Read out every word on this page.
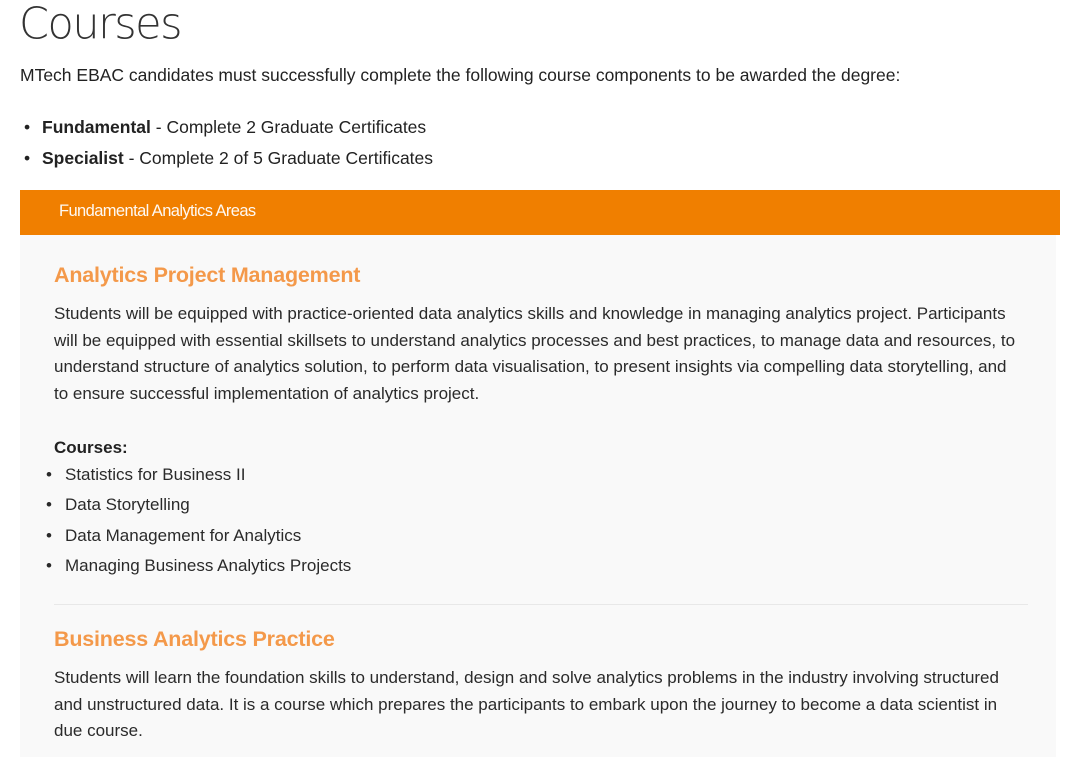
Courses

MTech EBAC candidates must successfully complete the following course components to be awarded the degree:

• Fundamental - Complete 2 Graduate Certificates
• Specialist - Complete 2 of 5 Graduate Certificates
Fundamental Analytics Areas
Analytics Project Management

Students will be equipped with practice-oriented data analytics skills and knowledge in managing analytics project. Participants will be equipped with essential skillsets to understand analytics processes and best practices, to manage data and resources, to understand structure of analytics solution, to perform data visualisation, to present insights via compelling data storytelling, and to ensure successful implementation of analytics project.

Courses:

• Statistics for Business II
• Data Storytelling
• Data Management for Analytics
• Managing Business Analytics Projects
Business Analytics Practice

Students will learn the foundation skills to understand, design and solve analytics problems in the industry involving structured and unstructured data. It is a course which prepares the participants to embark upon the journey to become a data scientist in due course.
